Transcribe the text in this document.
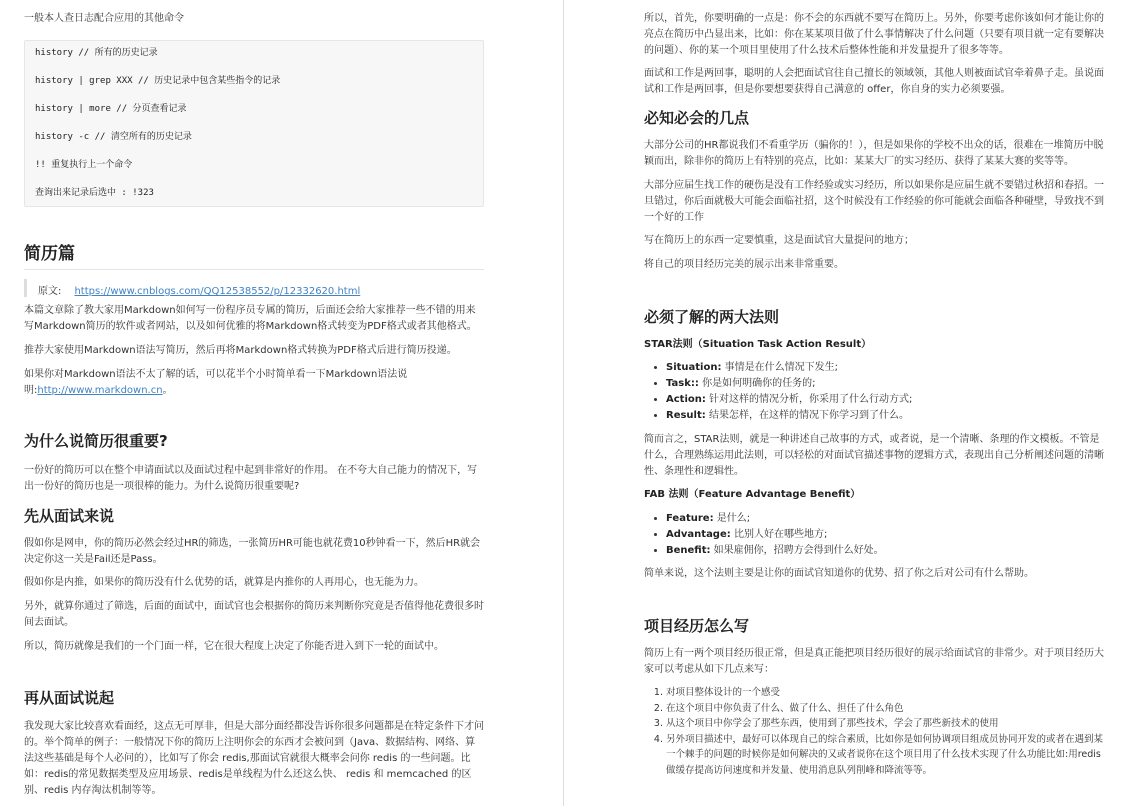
一般本人查日志配合应用的其他命令

history // 所有的历史记录
history | grep XXX // 历史记录中包含某些指令的记录
history | more // 分页查看记录
history -c // 清空所有的历史记录
!! 重复执行上一个命令
查询出来记录后选中 : !323
简历篇
原文: https://www.cnblogs.com/QQ12538552/p/12332620.html

本篇文章除了教大家用Markdown如何写一份程序员专属的简历，后面还会给大家推荐一些不错的用来写Markdown简历的软件或者网站，以及如何优雅的将Markdown格式转变为PDF格式或者其他格式。

推荐大家使用Markdown语法写简历，然后再将Markdown格式转换为PDF格式后进行简历投递。

如果你对Markdown语法不太了解的话，可以花半个小时简单看一下Markdown语法说明:http://www.markdown.cn。

为什么说简历很重要?

一份好的简历可以在整个申请面试以及面试过程中起到非常好的作用。 在不夸大自己能力的情况下，写出一份好的简历也是一项很棒的能力。为什么说简历很重要呢?

先从面试来说

假如你是网申，你的简历必然会经过HR的筛选，一张简历HR可能也就花费10秒钟看一下，然后HR就会决定你这一关是Fail还是Pass。

假如你是内推，如果你的简历没有什么优势的话，就算是内推你的人再用心，也无能为力。

另外，就算你通过了筛选，后面的面试中，面试官也会根据你的简历来判断你究竟是否值得他花费很多时间去面试。

所以，简历就像是我们的一个门面一样，它在很大程度上决定了你能否进入到下一轮的面试中。

再从面试说起

我发现大家比较喜欢看面经，这点无可厚非，但是大部分面经都没告诉你很多问题都是在特定条件下才问的。举个简单的例子：一般情况下你的简历上注明你会的东西才会被问到（Java、数据结构、网络、算法这些基础是每个人必问的），比如写了你会 redis,那面试官就很大概率会问你 redis 的一些问题。比如：redis的常见数据类型及应用场景、redis是单线程为什么还这么快、 redis 和 memcached 的区别、redis 内存淘汰机制等等。

所以，首先，你要明确的一点是：你不会的东西就不要写在简历上。另外，你要考虑你该如何才能让你的亮点在简历中凸显出来，比如：你在某某项目做了什么事情解决了什么问题（只要有项目就一定有要解决的问题）、你的某一个项目里使用了什么技术后整体性能和并发量提升了很多等等。

面试和工作是两回事，聪明的人会把面试官往自己擅长的领域领，其他人则被面试官牵着鼻子走。虽说面试和工作是两回事，但是你要想要获得自己满意的 offer，你自身的实力必须要强。

必知必会的几点

大部分公司的HR都说我们不看重学历（骗你的！），但是如果你的学校不出众的话，很难在一堆简历中脱颖而出，除非你的简历上有特别的亮点，比如：某某大厂的实习经历、获得了某某大赛的奖等等。

大部分应届生找工作的硬伤是没有工作经验或实习经历，所以如果你是应届生就不要错过秋招和春招。一旦错过，你后面就极大可能会面临社招，这个时候没有工作经验的你可能就会面临各种碰壁，导致找不到一个好的工作

写在简历上的东西一定要慎重，这是面试官大量提问的地方；

将自己的项目经历完美的展示出来非常重要。

必须了解的两大法则

STAR法则（Situation Task Action Result）

• Situation: 事情是在什么情况下发生;
• Task:: 你是如何明确你的任务的;
• Action: 针对这样的情况分析，你采用了什么行动方式;
• Result: 结果怎样，在这样的情况下你学习到了什么。

简而言之，STAR法则，就是一种讲述自己故事的方式，或者说，是一个清晰、条理的作文模板。不管是什么，合理熟练运用此法则，可以轻松的对面试官描述事物的逻辑方式，表现出自己分析阐述问题的清晰性、条理性和逻辑性。

FAB 法则（Feature Advantage Benefit）

• Feature: 是什么;
• Advantage: 比别人好在哪些地方;
• Benefit: 如果雇佣你，招聘方会得到什么好处。

简单来说，这个法则主要是让你的面试官知道你的优势、招了你之后对公司有什么帮助。

项目经历怎么写

简历上有一两个项目经历很正常，但是真正能把项目经历很好的展示给面试官的非常少。对于项目经历大家可以考虑从如下几点来写：

1. 对项目整体设计的一个感受
2. 在这个项目中你负责了什么、做了什么、担任了什么角色
3. 从这个项目中你学会了那些东西，使用到了那些技术，学会了那些新技术的使用
4. 另外项目描述中，最好可以体现自己的综合素质，比如你是如何协调项目组成员协同开发的或者在遇到某一个棘手的问题的时候你是如何解决的又或者说你在这个项目用了什么技术实现了什么功能比如:用redis做缓存提高访问速度和并发量、使用消息队列削峰和降流等等。
